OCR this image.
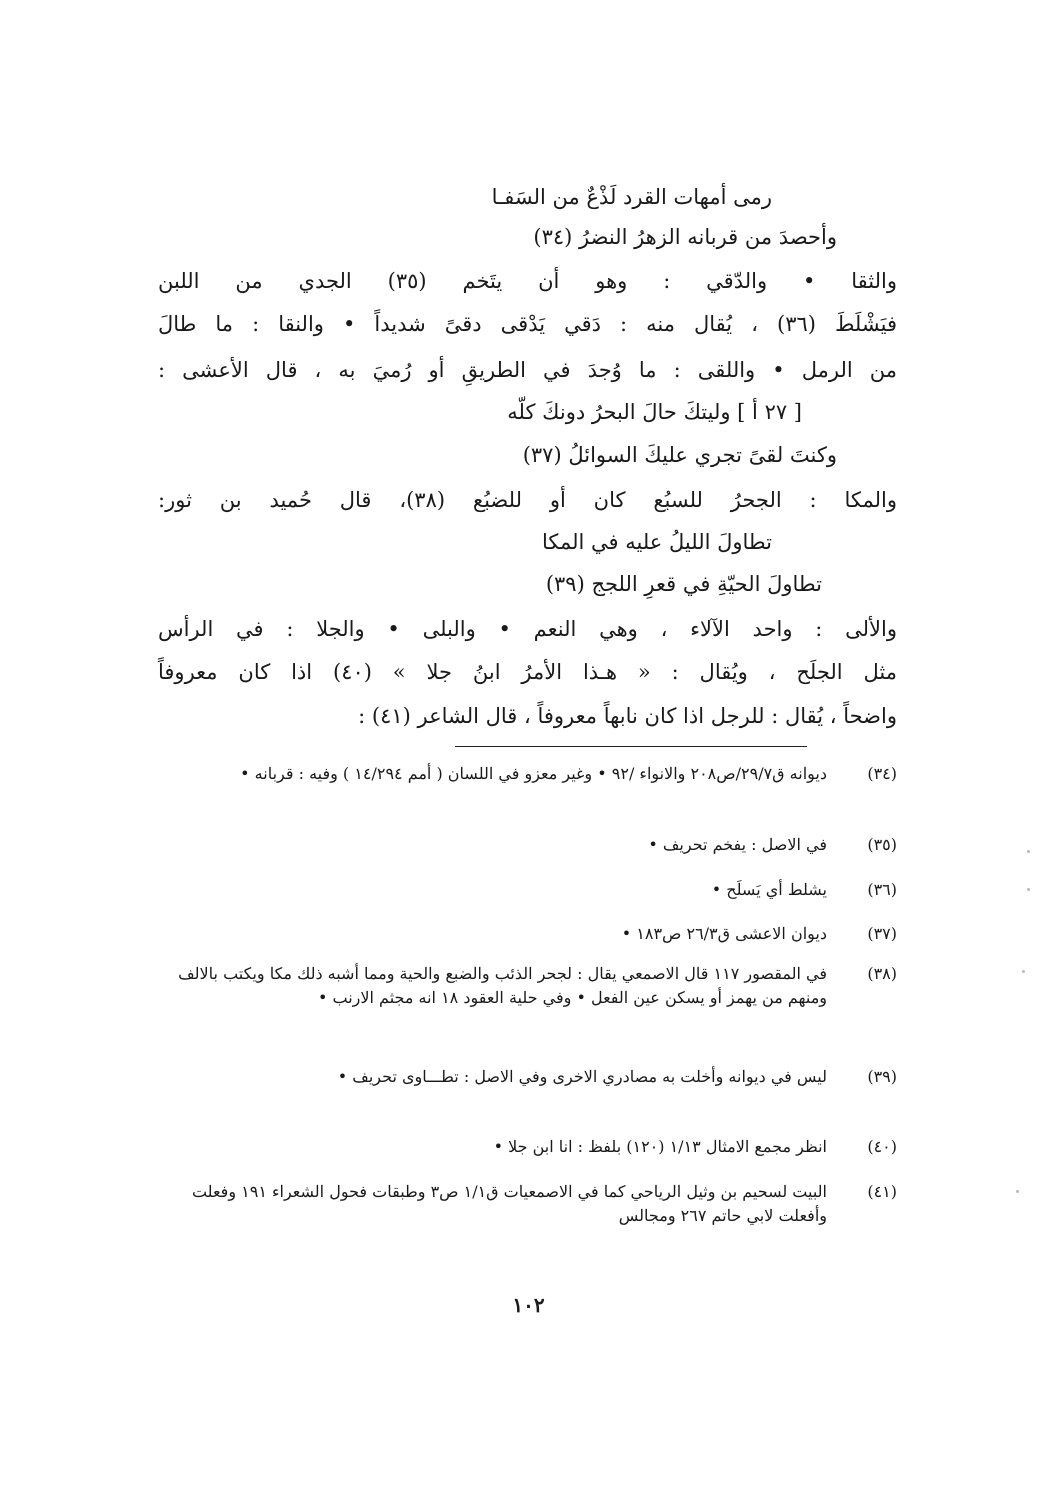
رمى أمهات القرد لَذْعٌ من السَفـا
وأحصدَ من قربانه الزهرُ النضرُ (٣٤)
والثقا • والدّقي : وهو أن يتَخم (٣٥) الجدي من اللبن
فيَشْلَطَ (٣٦) ، يُقال منه : دَقي يَدْقى دقىً شديداً • والنقا : ما طالَ
من الرمل • واللقى : ما وُجدَ في الطريقِ أو رُميَ به ، قال الأعشى :
[ ٢٧ أ ] وليتكَ حالَ البحرُ دونكَ كلّه
وكنتَ لقىً تجري عليكَ السوائلُ (٣٧)
والمكا : الجحرُ للسبُع كان أو للضبُع (٣٨)، قال حُميد بن ثور:
تطاولَ الليلُ عليه في المكا
تطاولَ الحيّةِ في قعرِ اللجج (٣٩)
والألى : واحد الآلاء ، وهي النعم • والبلى • والجلا : في الرأس
مثل الجلَح ، ويُقال : « هـذا الأمرُ ابنُ جلا » (٤٠) اذا كان معروفاً
واضحاً ، يُقال : للرجل اذا كان نابهاً معروفاً ، قال الشاعر (٤١) :
(٣٤)
ديوانه ق٢٩/٧/ص٢٠٨ والانواء /٩٢ • وغير معزو في اللسان ( أمم ١٤/٢٩٤ ) وفيه : قربانه •
(٣٥)
في الاصل : يفخم تحريف •
(٣٦)
يشلط أي يَسلَح •
(٣٧)
ديوان الاعشى ق٢٦/٣ ص١٨٣ •
(٣٨)
في المقصور ١١٧ قال الاصمعي يقال : لجحر الذئب والضبع والحية ومما أشبه ذلك مكا ويكتب بالالف ومنهم من يهمز أو يسكن عين الفعل • وفي حلية العقود ١٨ انه مجثم الارنب •
(٣٩)
ليس في ديوانه وأخلت به مصادري الاخرى وفي الاصل : تطـــاوى تحريف •
(٤٠)
انظر مجمع الامثال ١/١٣ (١٢٠) بلفظ : انا ابن جلا •
(٤١)
البيت لسحيم بن وثيل الرياحي كما في الاصمعيات ق١/١ ص٣ وطبقات فحول الشعراء ١٩١ وفعلت وأفعلت لابي حاتم ٢٦٧ ومجالس
١٠٢
